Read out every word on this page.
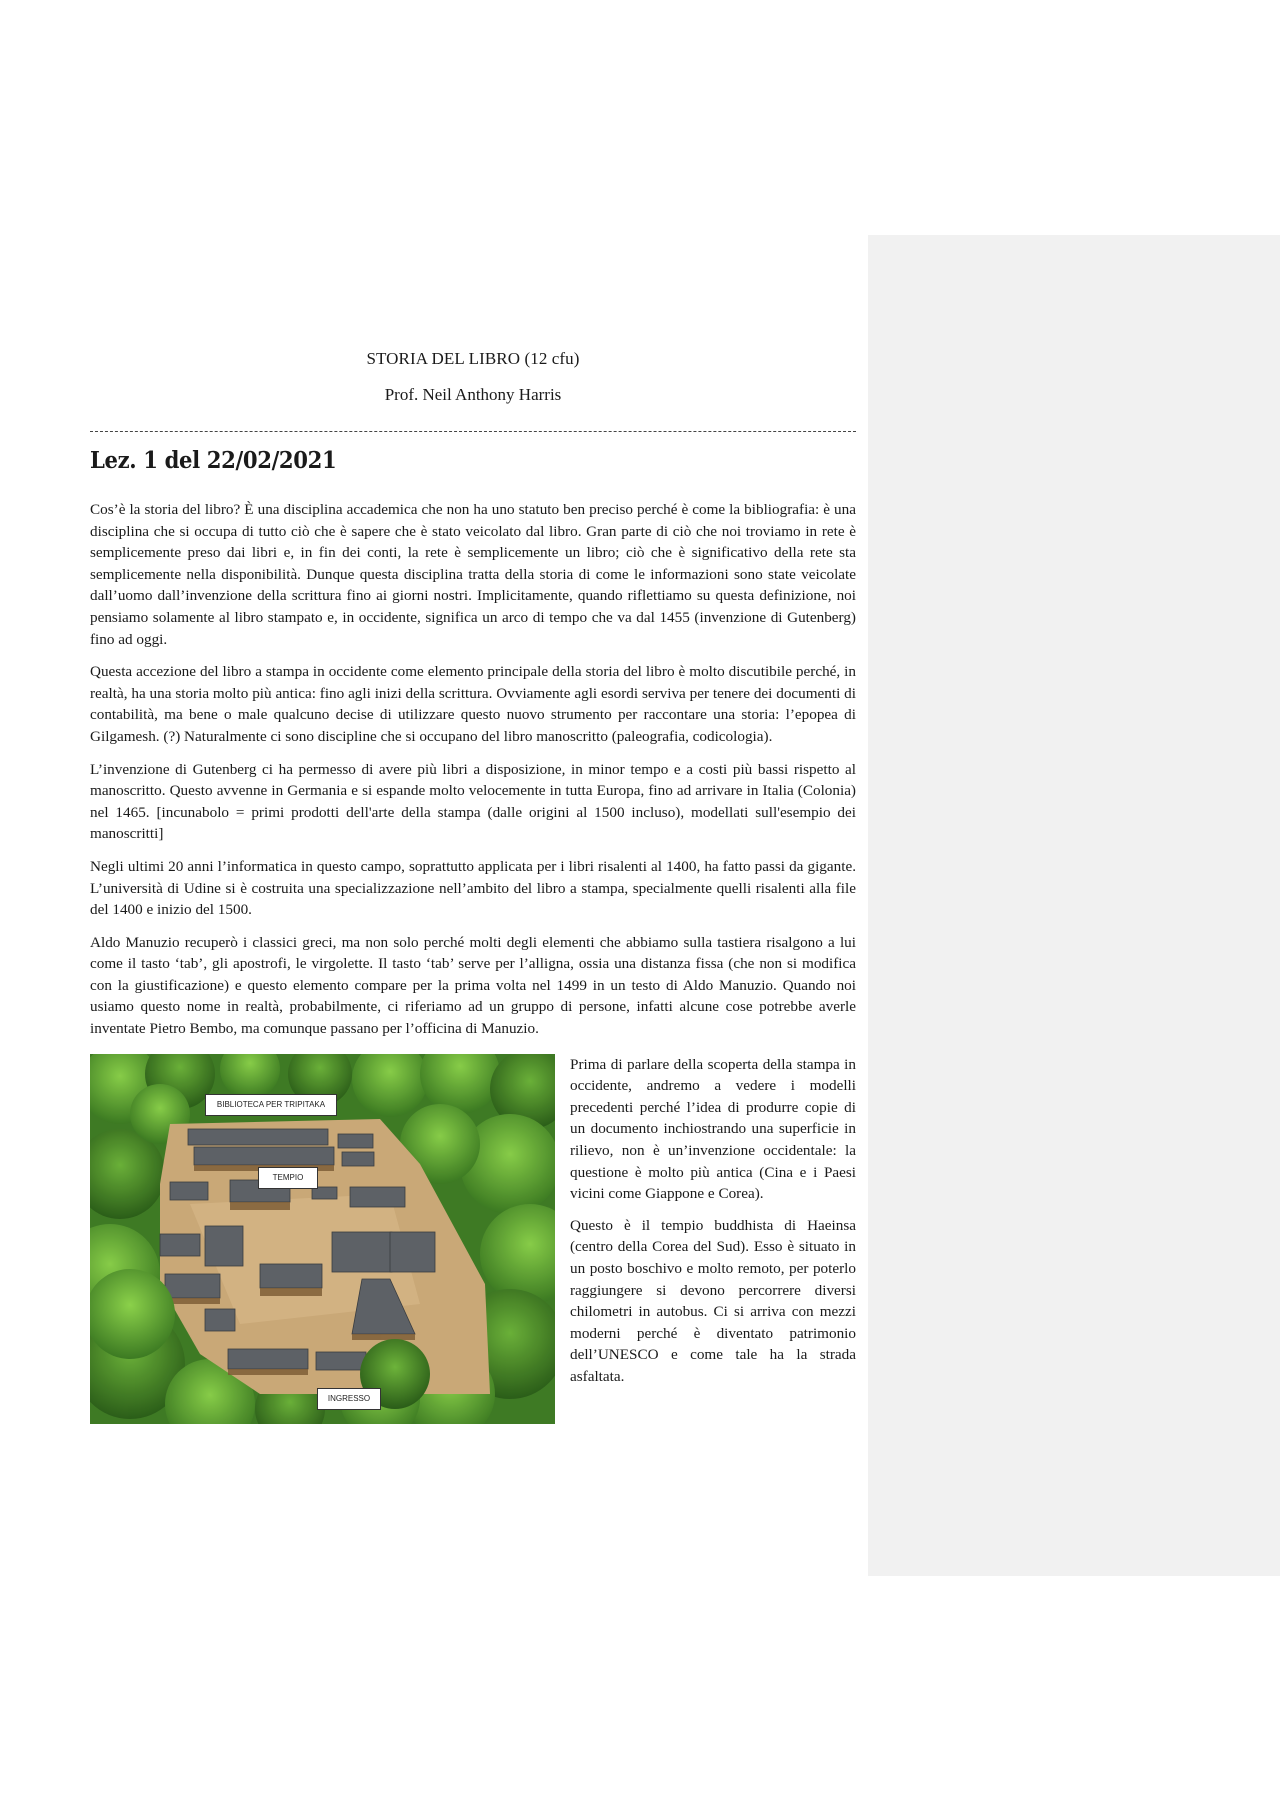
STORIA DEL LIBRO (12 cfu)

Prof. Neil Anthony Harris

Lez. 1 del 22/02/2021

Cos’è la storia del libro? È una disciplina accademica che non ha uno statuto ben preciso perché è come la bibliografia: è una disciplina che si occupa di tutto ciò che è sapere che è stato veicolato dal libro. Gran parte di ciò che noi troviamo in rete è semplicemente preso dai libri e, in fin dei conti, la rete è semplicemente un libro; ciò che è significativo della rete sta semplicemente nella disponibilità. Dunque questa disciplina tratta della storia di come le informazioni sono state veicolate dall’uomo dall’invenzione della scrittura fino ai giorni nostri. Implicitamente, quando riflettiamo su questa definizione, noi pensiamo solamente al libro stampato e, in occidente, significa un arco di tempo che va dal 1455 (invenzione di Gutenberg) fino ad oggi.

Questa accezione del libro a stampa in occidente come elemento principale della storia del libro è molto discutibile perché, in realtà, ha una storia molto più antica: fino agli inizi della scrittura. Ovviamente agli esordi serviva per tenere dei documenti di contabilità, ma bene o male qualcuno decise di utilizzare questo nuovo strumento per raccontare una storia: l’epopea di Gilgamesh. (?) Naturalmente ci sono discipline che si occupano del libro manoscritto (paleografia, codicologia).

L’invenzione di Gutenberg ci ha permesso di avere più libri a disposizione, in minor tempo e a costi più bassi rispetto al manoscritto. Questo avvenne in Germania e si espande molto velocemente in tutta Europa, fino ad arrivare in Italia (Colonia) nel 1465. [incunabolo = primi prodotti dell'arte della stampa (dalle origini al 1500 incluso), modellati sull'esempio dei manoscritti]

Negli ultimi 20 anni l’informatica in questo campo, soprattutto applicata per i libri risalenti al 1400, ha fatto passi da gigante. L’università di Udine si è costruita una specializzazione nell’ambito del libro a stampa, specialmente quelli risalenti alla file del 1400 e inizio del 1500.

Aldo Manuzio recuperò i classici greci, ma non solo perché molti degli elementi che abbiamo sulla tastiera risalgono a lui come il tasto ‘tab’, gli apostrofi, le virgolette. Il tasto ‘tab’ serve per l’alligna, ossia una distanza fissa (che non si modifica con la giustificazione) e questo elemento compare per la prima volta nel 1499 in un testo di Aldo Manuzio. Quando noi usiamo questo nome in realtà, probabilmente, ci riferiamo ad un gruppo di persone, infatti alcune cose potrebbe averle inventate Pietro Bembo, ma comunque passano per l’officina di Manuzio.

BIBLIOTECA PER TRIPITAKA
TEMPIO
INGRESSO

Prima di parlare della scoperta della stampa in occidente, andremo a vedere i modelli precedenti perché l’idea di produrre copie di un documento inchiostrando una superficie in rilievo, non è un’invenzione occidentale: la questione è molto più antica (Cina e i Paesi vicini come Giappone e Corea).

Questo è il tempio buddhista di Haeinsa (centro della Corea del Sud). Esso è situato in un posto boschivo e molto remoto, per poterlo raggiungere si devono percorrere diversi chilometri in autobus. Ci si arriva con mezzi moderni perché è diventato patrimonio dell’UNESCO e come tale ha la strada asfaltata.
